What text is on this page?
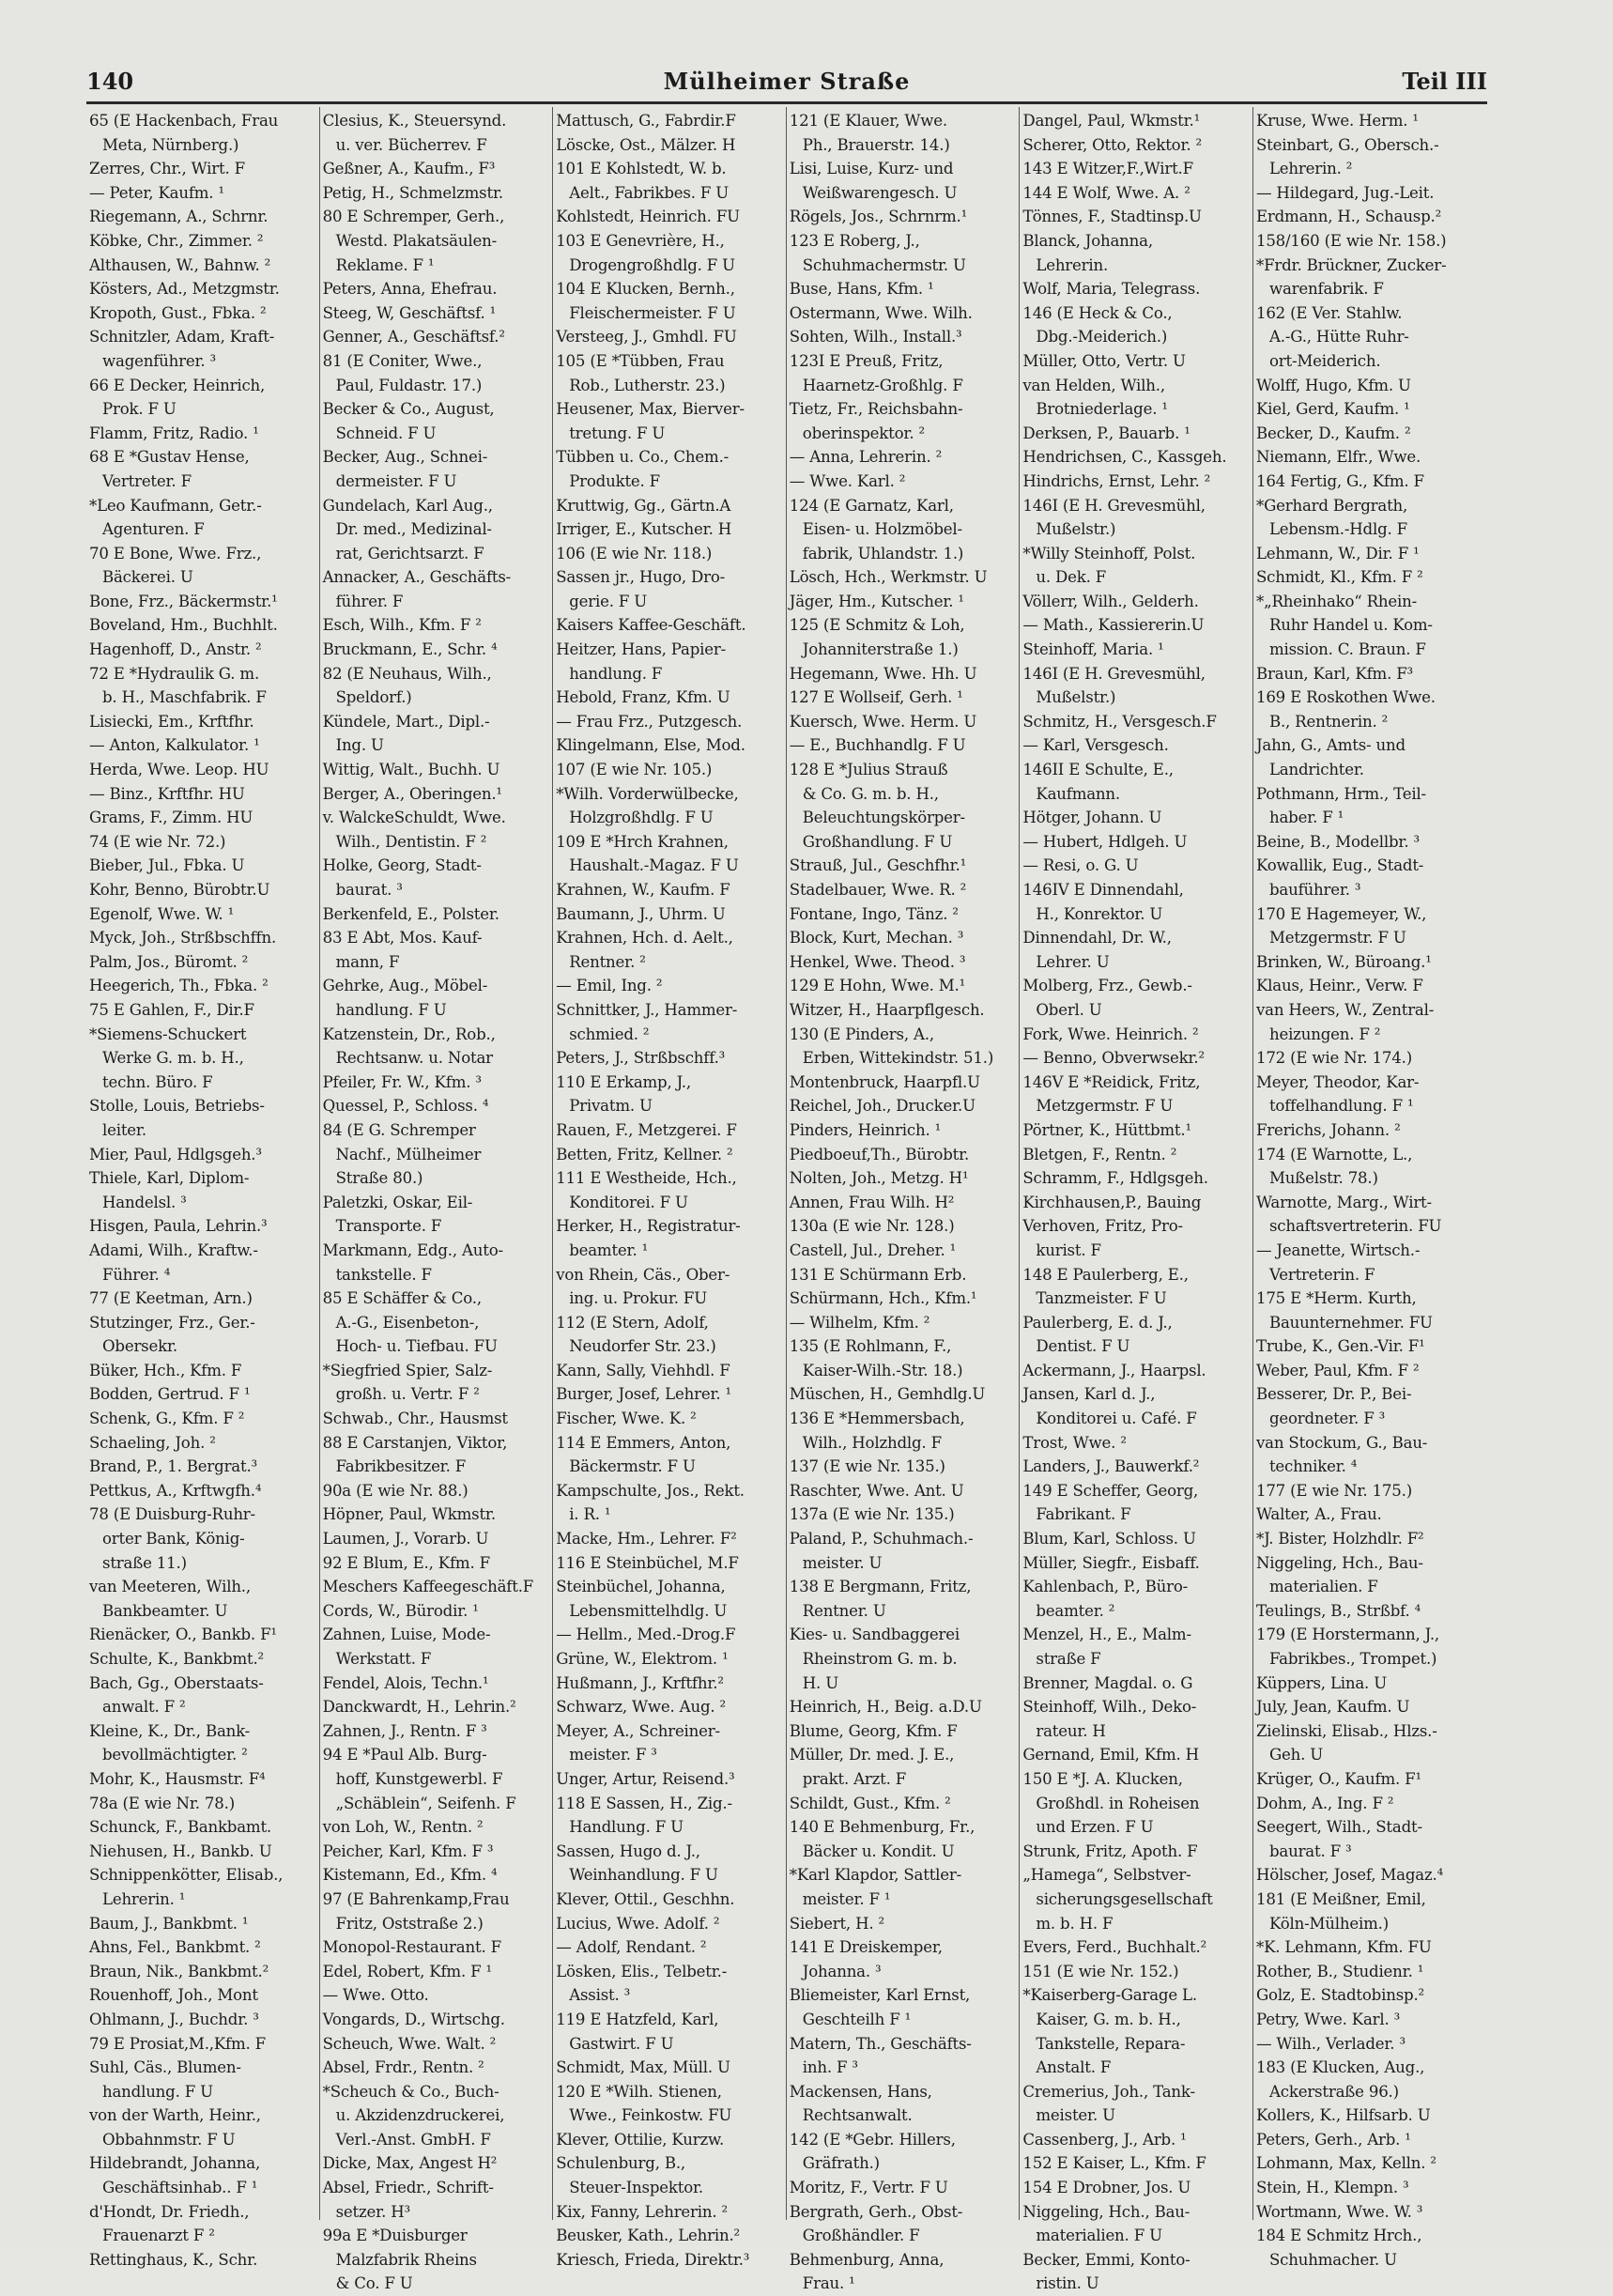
140	Mülheimer Straße	Teil III

65 (E Hackenbach, Frau

Meta, Nürnberg.)

Zerres, Chr., Wirt. F

— Peter, Kaufm. ¹

Riegemann, A., Schrnr.

Köbke, Chr., Zimmer. ²

Althausen, W., Bahnw. ²

Kösters, Ad., Metzgmstr.

Kropoth, Gust., Fbka. ²

Schnitzler, Adam, Kraft-

wagenführer. ³

66 E Decker, Heinrich,

Prok. F U

Flamm, Fritz, Radio. ¹

68 E *Gustav Hense,

Vertreter. F

*Leo Kaufmann, Getr.-

Agenturen. F

70 E Bone, Wwe. Frz.,

Bäckerei. U

Bone, Frz., Bäckermstr.¹

Boveland, Hm., Buchhlt.

Hagenhoff, D., Anstr. ²

72 E *Hydraulik G. m.

b. H., Maschfabrik. F

Lisiecki, Em., Krftfhr.

— Anton, Kalkulator. ¹

Herda, Wwe. Leop. HU

— Binz., Krftfhr. HU

Grams, F., Zimm. HU

74 (E wie Nr. 72.)

Bieber, Jul., Fbka. U

Kohr, Benno, Bürobtr.U

Egenolf, Wwe. W. ¹

Myck, Joh., Strßbschffn.

Palm, Jos., Büromt. ²

Heegerich, Th., Fbka. ²

75 E Gahlen, F., Dir.F

*Siemens-Schuckert

Werke G. m. b. H.,

techn. Büro. F

Stolle, Louis, Betriebs-

leiter.

Mier, Paul, Hdlgsgeh.³

Thiele, Karl, Diplom-

Handelsl. ³

Hisgen, Paula, Lehrin.³

Adami, Wilh., Kraftw.-

Führer. ⁴

77 (E Keetman, Arn.)

Stutzinger, Frz., Ger.-

Obersekr.

Büker, Hch., Kfm. F

Bodden, Gertrud. F ¹

Schenk, G., Kfm. F ²

Schaeling, Joh. ²

Brand, P., 1. Bergrat.³

Pettkus, A., Krftwgfh.⁴

78 (E Duisburg-Ruhr-

orter Bank, König-

straße 11.)

van Meeteren, Wilh.,

Bankbeamter. U

Rienäcker, O., Bankb. F¹

Schulte, K., Bankbmt.²

Bach, Gg., Oberstaats-

anwalt. F ²

Kleine, K., Dr., Bank-

bevollmächtigter. ²

Mohr, K., Hausmstr. F⁴

78a (E wie Nr. 78.)

Schunck, F., Bankbamt.

Niehusen, H., Bankb. U

Schnippenkötter, Elisab.,

Lehrerin. ¹

Baum, J., Bankbmt. ¹

Ahns, Fel., Bankbmt. ²

Braun, Nik., Bankbmt.²

Rouenhoff, Joh., Mont

Ohlmann, J., Buchdr. ³

79 E Prosiat,M.,Kfm. F

Suhl, Cäs., Blumen-

handlung. F U

von der Warth, Heinr.,

Obbahnmstr. F U

Hildebrandt, Johanna,

Geschäftsinhab.. F ¹

d'Hondt, Dr. Friedh.,

Frauenarzt F ²

Rettinghaus, K., Schr.

Clesius, K., Steuersynd.

u. ver. Bücherrev. F

Geßner, A., Kaufm., F³

Petig, H., Schmelzmstr.

80 E Schremper, Gerh.,

Westd. Plakatsäulen-

Reklame. F ¹

Peters, Anna, Ehefrau.

Steeg, W, Geschäftsf. ¹

Genner, A., Geschäftsf.²

81 (E Coniter, Wwe.,

Paul, Fuldastr. 17.)

Becker & Co., August,

Schneid. F U

Becker, Aug., Schnei-

dermeister. F U

Gundelach, Karl Aug.,

Dr. med., Medizinal-

rat, Gerichtsarzt. F

Annacker, A., Geschäfts-

führer. F

Esch, Wilh., Kfm. F ²

Bruckmann, E., Schr. ⁴

82 (E Neuhaus, Wilh.,

Speldorf.)

Kündele, Mart., Dipl.-

Ing. U

Wittig, Walt., Buchh. U

Berger, A., Oberingen.¹

v. WalckeSchuldt, Wwe.

Wilh., Dentistin. F ²

Holke, Georg, Stadt-

baurat. ³

Berkenfeld, E., Polster.

83 E Abt, Mos. Kauf-

mann, F

Gehrke, Aug., Möbel-

handlung. F U

Katzenstein, Dr., Rob.,

Rechtsanw. u. Notar

Pfeiler, Fr. W., Kfm. ³

Quessel, P., Schloss. ⁴

84 (E G. Schremper

Nachf., Mülheimer

Straße 80.)

Paletzki, Oskar, Eil-

Transporte. F

Markmann, Edg., Auto-

tankstelle. F

85 E Schäffer & Co.,

A.-G., Eisenbeton-,

Hoch- u. Tiefbau. FU

*Siegfried Spier, Salz-

großh. u. Vertr. F ²

Schwab., Chr., Hausmst

88 E Carstanjen, Viktor,

Fabrikbesitzer. F

90a (E wie Nr. 88.)

Höpner, Paul, Wkmstr.

Laumen, J., Vorarb. U

92 E Blum, E., Kfm. F

Meschers Kaffeegeschäft.F

Cords, W., Bürodir. ¹

Zahnen, Luise, Mode-

Werkstatt. F

Fendel, Alois, Techn.¹

Danckwardt, H., Lehrin.²

Zahnen, J., Rentn. F ³

94 E *Paul Alb. Burg-

hoff, Kunstgewerbl. F

„Schäblein“, Seifenh. F

von Loh, W., Rentn. ²

Peicher, Karl, Kfm. F ³

Kistemann, Ed., Kfm. ⁴

97 (E Bahrenkamp,Frau

Fritz, Oststraße 2.)

Monopol-Restaurant. F

Edel, Robert, Kfm. F ¹

— Wwe. Otto.

Vongards, D., Wirtschg.

Scheuch, Wwe. Walt. ²

Absel, Frdr., Rentn. ²

*Scheuch & Co., Buch-

u. Akzidenzdruckerei,

Verl.-Anst. GmbH. F

Dicke, Max, Angest H²

Absel, Friedr., Schrift-

setzer. H³

99a E *Duisburger

Malzfabrik Rheins

& Co. F U

Mattusch, G., Fabrdir.F

Löscke, Ost., Mälzer. H

101 E Kohlstedt, W. b.

Aelt., Fabrikbes. F U

Kohlstedt, Heinrich. FU

103 E Genevrière, H.,

Drogengroßhdlg. F U

104 E Klucken, Bernh.,

Fleischermeister. F U

Versteeg, J., Gmhdl. FU

105 (E *Tübben, Frau

Rob., Lutherstr. 23.)

Heusener, Max, Bierver-

tretung. F U

Tübben u. Co., Chem.-

Produkte. F

Kruttwig, Gg., Gärtn.A

Irriger, E., Kutscher. H

106 (E wie Nr. 118.)

Sassen jr., Hugo, Dro-

gerie. F U

Kaisers Kaffee-Geschäft.

Heitzer, Hans, Papier-

handlung. F

Hebold, Franz, Kfm. U

— Frau Frz., Putzgesch.

Klingelmann, Else, Mod.

107 (E wie Nr. 105.)

*Wilh. Vorderwülbecke,

Holzgroßhdlg. F U

109 E *Hrch Krahnen,

Haushalt.-Magaz. F U

Krahnen, W., Kaufm. F

Baumann, J., Uhrm. U

Krahnen, Hch. d. Aelt.,

Rentner. ²

— Emil, Ing. ²

Schnittker, J., Hammer-

schmied. ²

Peters, J., Strßbschff.³

110 E Erkamp, J.,

Privatm. U

Rauen, F., Metzgerei. F

Betten, Fritz, Kellner. ²

111 E Westheide, Hch.,

Konditorei. F U

Herker, H., Registratur-

beamter. ¹

von Rhein, Cäs., Ober-

ing. u. Prokur. FU

112 (E Stern, Adolf,

Neudorfer Str. 23.)

Kann, Sally, Viehhdl. F

Burger, Josef, Lehrer. ¹

Fischer, Wwe. K. ²

114 E Emmers, Anton,

Bäckermstr. F U

Kampschulte, Jos., Rekt.

i. R. ¹

Macke, Hm., Lehrer. F²

116 E Steinbüchel, M.F

Steinbüchel, Johanna,

Lebensmittelhdlg. U

— Hellm., Med.-Drog.F

Grüne, W., Elektrom. ¹

Hußmann, J., Krftfhr.²

Schwarz, Wwe. Aug. ²

Meyer, A., Schreiner-

meister. F ³

Unger, Artur, Reisend.³

118 E Sassen, H., Zig.-

Handlung. F U

Sassen, Hugo d. J.,

Weinhandlung. F U

Klever, Ottil., Geschhn.

Lucius, Wwe. Adolf. ²

— Adolf, Rendant. ²

Lösken, Elis., Telbetr.-

Assist. ³

119 E Hatzfeld, Karl,

Gastwirt. F U

Schmidt, Max, Müll. U

120 E *Wilh. Stienen,

Wwe., Feinkostw. FU

Klever, Ottilie, Kurzw.

Schulenburg, B.,

Steuer-Inspektor.

Kix, Fanny, Lehrerin. ²

Beusker, Kath., Lehrin.²

Kriesch, Frieda, Direktr.³

121 (E Klauer, Wwe.

Ph., Brauerstr. 14.)

Lisi, Luise, Kurz- und

Weißwarengesch. U

Rögels, Jos., Schrnrm.¹

123 E Roberg, J.,

Schuhmachermstr. U

Buse, Hans, Kfm. ¹

Ostermann, Wwe. Wilh.

Sohten, Wilh., Install.³

123I E Preuß, Fritz,

Haarnetz-Großhlg. F

Tietz, Fr., Reichsbahn-

oberinspektor. ²

— Anna, Lehrerin. ²

— Wwe. Karl. ²

124 (E Garnatz, Karl,

Eisen- u. Holzmöbel-

fabrik, Uhlandstr. 1.)

Lösch, Hch., Werkmstr. U

Jäger, Hm., Kutscher. ¹

125 (E Schmitz & Loh,

Johanniterstraße 1.)

Hegemann, Wwe. Hh. U

127 E Wollseif, Gerh. ¹

Kuersch, Wwe. Herm. U

— E., Buchhandlg. F U

128 E *Julius Strauß

& Co. G. m. b. H.,

Beleuchtungskörper-

Großhandlung. F U

Strauß, Jul., Geschfhr.¹

Stadelbauer, Wwe. R. ²

Fontane, Ingo, Tänz. ²

Block, Kurt, Mechan. ³

Henkel, Wwe. Theod. ³

129 E Hohn, Wwe. M.¹

Witzer, H., Haarpflgesch.

130 (E Pinders, A.,

Erben, Wittekindstr. 51.)

Montenbruck, Haarpfl.U

Reichel, Joh., Drucker.U

Pinders, Heinrich. ¹

Piedboeuf,Th., Bürobtr.

Nolten, Joh., Metzg. H¹

Annen, Frau Wilh. H²

130a (E wie Nr. 128.)

Castell, Jul., Dreher. ¹

131 E Schürmann Erb.

Schürmann, Hch., Kfm.¹

— Wilhelm, Kfm. ²

135 (E Rohlmann, F.,

Kaiser-Wilh.-Str. 18.)

Müschen, H., Gemhdlg.U

136 E *Hemmersbach,

Wilh., Holzhdlg. F

137 (E wie Nr. 135.)

Raschter, Wwe. Ant. U

137a (E wie Nr. 135.)

Paland, P., Schuhmach.-

meister. U

138 E Bergmann, Fritz,

Rentner. U

Kies- u. Sandbaggerei

Rheinstrom G. m. b.

H. U

Heinrich, H., Beig. a.D.U

Blume, Georg, Kfm. F

Müller, Dr. med. J. E.,

prakt. Arzt. F

Schildt, Gust., Kfm. ²

140 E Behmenburg, Fr.,

Bäcker u. Kondit. U

*Karl Klapdor, Sattler-

meister. F ¹

Siebert, H. ²

141 E Dreiskemper,

Johanna. ³

Bliemeister, Karl Ernst,

Geschteilh F ¹

Matern, Th., Geschäfts-

inh. F ³

Mackensen, Hans,

Rechtsanwalt.

142 (E *Gebr. Hillers,

Gräfrath.)

Moritz, F., Vertr. F U

Bergrath, Gerh., Obst-

Großhändler. F

Behmenburg, Anna,

Frau. ¹

Dangel, Paul, Wkmstr.¹

Scherer, Otto, Rektor. ²

143 E Witzer,F.,Wirt.F

144 E Wolf, Wwe. A. ²

Tönnes, F., Stadtinsp.U

Blanck, Johanna,

Lehrerin.

Wolf, Maria, Telegrass.

146 (E Heck & Co.,

Dbg.-Meiderich.)

Müller, Otto, Vertr. U

van Helden, Wilh.,

Brotniederlage. ¹

Derksen, P., Bauarb. ¹

Hendrichsen, C., Kassgeh.

Hindrichs, Ernst, Lehr. ²

146I (E H. Grevesmühl,

Mußelstr.)

*Willy Steinhoff, Polst.

u. Dek. F

Völlerr, Wilh., Gelderh.

— Math., Kassiererin.U

Steinhoff, Maria. ¹

146I (E H. Grevesmühl,

Mußelstr.)

Schmitz, H., Versgesch.F

— Karl, Versgesch.

146II E Schulte, E.,

Kaufmann.

Hötger, Johann. U

— Hubert, Hdlgeh. U

— Resi, o. G. U

146IV E Dinnendahl,

H., Konrektor. U

Dinnendahl, Dr. W.,

Lehrer. U

Molberg, Frz., Gewb.-

Oberl. U

Fork, Wwe. Heinrich. ²

— Benno, Obverwsekr.²

146V E *Reidick, Fritz,

Metzgermstr. F U

Pörtner, K., Hüttbmt.¹

Bletgen, F., Rentn. ²

Schramm, F., Hdlgsgeh.

Kirchhausen,P., Bauing

Verhoven, Fritz, Pro-

kurist. F

148 E Paulerberg, E.,

Tanzmeister. F U

Paulerberg, E. d. J.,

Dentist. F U

Ackermann, J., Haarpsl.

Jansen, Karl d. J.,

Konditorei u. Café. F

Trost, Wwe. ²

Landers, J., Bauwerkf.²

149 E Scheffer, Georg,

Fabrikant. F

Blum, Karl, Schloss. U

Müller, Siegfr., Eisbaff.

Kahlenbach, P., Büro-

beamter. ²

Menzel, H., E., Malm-

straße F

Brenner, Magdal. o. G

Steinhoff, Wilh., Deko-

rateur. H

Gernand, Emil, Kfm. H

150 E *J. A. Klucken,

Großhdl. in Roheisen

und Erzen. F U

Strunk, Fritz, Apoth. F

„Hamega“, Selbstver-

sicherungsgesellschaft

m. b. H. F

Evers, Ferd., Buchhalt.²

151 (E wie Nr. 152.)

*Kaiserberg-Garage L.

Kaiser, G. m. b. H.,

Tankstelle, Repara-

Anstalt. F

Cremerius, Joh., Tank-

meister. U

Cassenberg, J., Arb. ¹

152 E Kaiser, L., Kfm. F

154 E Drobner, Jos. U

Niggeling, Hch., Bau-

materialien. F U

Becker, Emmi, Konto-

ristin. U

Kruse, Wwe. Herm. ¹

Steinbart, G., Obersch.-

Lehrerin. ²

— Hildegard, Jug.-Leit.

Erdmann, H., Schausp.²

158/160 (E wie Nr. 158.)

*Frdr. Brückner, Zucker-

warenfabrik. F

162 (E Ver. Stahlw.

A.-G., Hütte Ruhr-

ort-Meiderich.

Wolff, Hugo, Kfm. U

Kiel, Gerd, Kaufm. ¹

Becker, D., Kaufm. ²

Niemann, Elfr., Wwe.

164 Fertig, G., Kfm. F

*Gerhard Bergrath,

Lebensm.-Hdlg. F

Lehmann, W., Dir. F ¹

Schmidt, Kl., Kfm. F ²

*„Rheinhako“ Rhein-

Ruhr Handel u. Kom-

mission. C. Braun. F

Braun, Karl, Kfm. F³

169 E Roskothen Wwe.

B., Rentnerin. ²

Jahn, G., Amts- und

Landrichter.

Pothmann, Hrm., Teil-

haber. F ¹

Beine, B., Modellbr. ³

Kowallik, Eug., Stadt-

bauführer. ³

170 E Hagemeyer, W.,

Metzgermstr. F U

Brinken, W., Büroang.¹

Klaus, Heinr., Verw. F

van Heers, W., Zentral-

heizungen. F ²

172 (E wie Nr. 174.)

Meyer, Theodor, Kar-

toffelhandlung. F ¹

Frerichs, Johann. ²

174 (E Warnotte, L.,

Mußelstr. 78.)

Warnotte, Marg., Wirt-

schaftsvertreterin. FU

— Jeanette, Wirtsch.-

Vertreterin. F

175 E *Herm. Kurth,

Bauunternehmer. FU

Trube, K., Gen.-Vir. F¹

Weber, Paul, Kfm. F ²

Besserer, Dr. P., Bei-

geordneter. F ³

van Stockum, G., Bau-

techniker. ⁴

177 (E wie Nr. 175.)

Walter, A., Frau.

*J. Bister, Holzhdlr. F²

Niggeling, Hch., Bau-

materialien. F

Teulings, B., Strßbf. ⁴

179 (E Horstermann, J.,

Fabrikbes., Trompet.)

Küppers, Lina. U

July, Jean, Kaufm. U

Zielinski, Elisab., Hlzs.-

Geh. U

Krüger, O., Kaufm. F¹

Dohm, A., Ing. F ²

Seegert, Wilh., Stadt-

baurat. F ³

Hölscher, Josef, Magaz.⁴

181 (E Meißner, Emil,

Köln-Mülheim.)

*K. Lehmann, Kfm. FU

Rother, B., Studienr. ¹

Golz, E. Stadtobinsp.²

Petry, Wwe. Karl. ³

— Wilh., Verlader. ³

183 (E Klucken, Aug.,

Ackerstraße 96.)

Kollers, K., Hilfsarb. U

Peters, Gerh., Arb. ¹

Lohmann, Max, Kelln. ²

Stein, H., Klempn. ³

Wortmann, Wwe. W. ³

184 E Schmitz Hrch.,

Schuhmacher. U
